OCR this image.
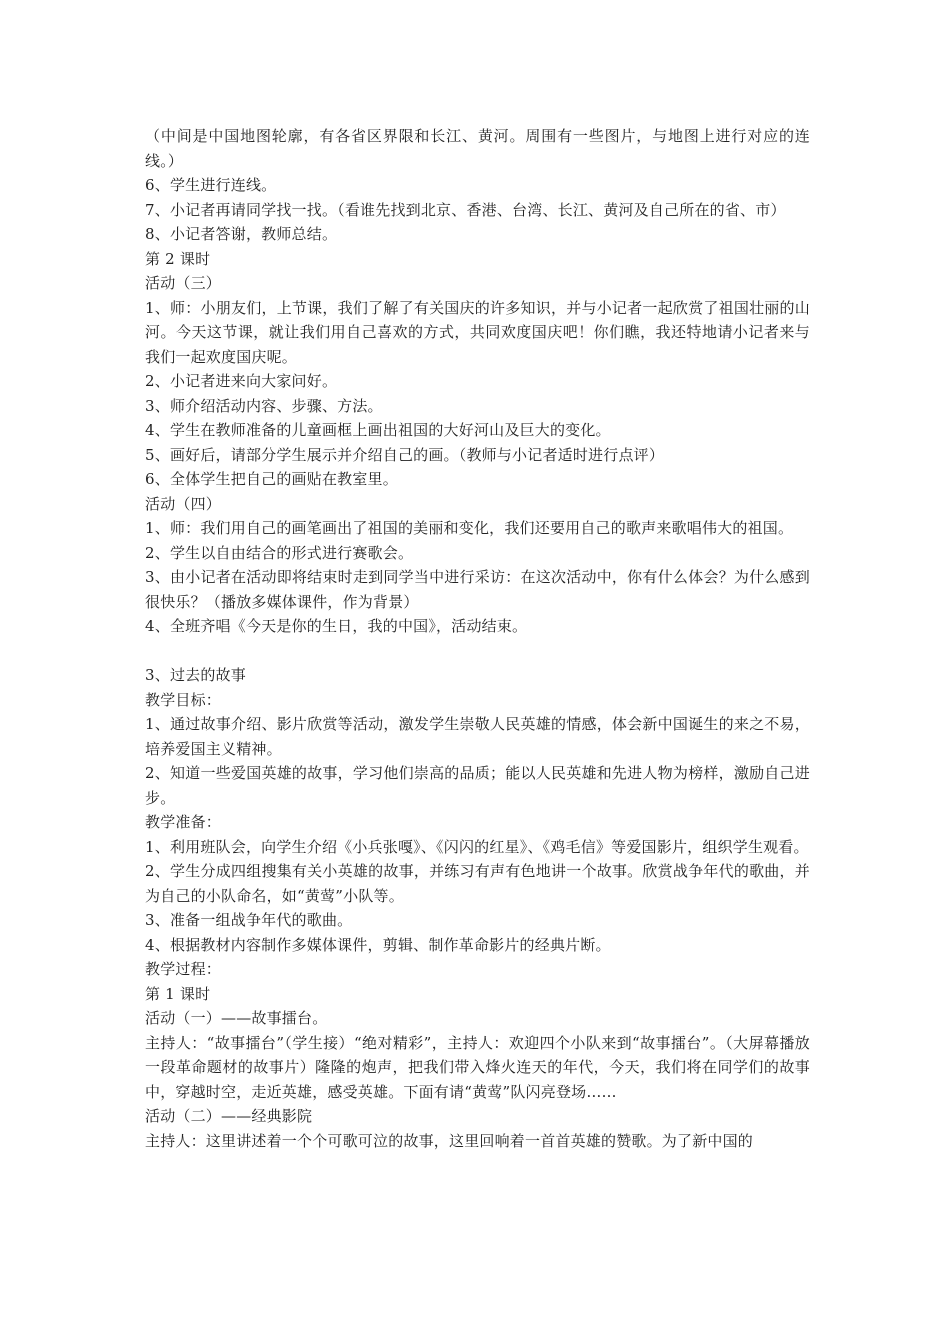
（中间是中国地图轮廓，有各省区界限和长江、黄河。周围有一些图片，与地图上进行对应的连线。）

6、学生进行连线。

7、小记者再请同学找一找。（看谁先找到北京、香港、台湾、长江、黄河及自己所在的省、市）

8、小记者答谢，教师总结。

第 2 课时

活动（三）

1、师：小朋友们，上节课，我们了解了有关国庆的许多知识，并与小记者一起欣赏了祖国壮丽的山河。今天这节课，就让我们用自己喜欢的方式，共同欢度国庆吧！你们瞧，我还特地请小记者来与我们一起欢度国庆呢。

2、小记者进来向大家问好。

3、师介绍活动内容、步骤、方法。

4、学生在教师准备的儿童画框上画出祖国的大好河山及巨大的变化。

5、画好后，请部分学生展示并介绍自己的画。（教师与小记者适时进行点评）

6、全体学生把自己的画贴在教室里。

活动（四）

1、师：我们用自己的画笔画出了祖国的美丽和变化，我们还要用自己的歌声来歌唱伟大的祖国。

2、学生以自由结合的形式进行赛歌会。

3、由小记者在活动即将结束时走到同学当中进行采访：在这次活动中，你有什么体会？为什么感到很快乐？（播放多媒体课件，作为背景）

4、全班齐唱《今天是你的生日，我的中国》，活动结束。

3、过去的故事

教学目标：

1、通过故事介绍、影片欣赏等活动，激发学生崇敬人民英雄的情感，体会新中国诞生的来之不易，培养爱国主义精神。

2、知道一些爱国英雄的故事，学习他们崇高的品质；能以人民英雄和先进人物为榜样，激励自己进步。

教学准备：

1、利用班队会，向学生介绍《小兵张嘎》、《闪闪的红星》、《鸡毛信》等爱国影片，组织学生观看。

2、学生分成四组搜集有关小英雄的故事，并练习有声有色地讲一个故事。欣赏战争年代的歌曲，并为自己的小队命名，如“黄莺”小队等。

3、准备一组战争年代的歌曲。

4、根据教材内容制作多媒体课件，剪辑、制作革命影片的经典片断。

教学过程：

第 1 课时

活动（一）——故事擂台。

主持人：“故事擂台”（学生接）“绝对精彩”，主持人：欢迎四个小队来到“故事擂台”。（大屏幕播放一段革命题材的故事片）隆隆的炮声，把我们带入烽火连天的年代，今天，我们将在同学们的故事中，穿越时空，走近英雄，感受英雄。下面有请“黄莺”队闪亮登场……

活动（二）——经典影院

主持人：这里讲述着一个个可歌可泣的故事，这里回响着一首首英雄的赞歌。为了新中国的
